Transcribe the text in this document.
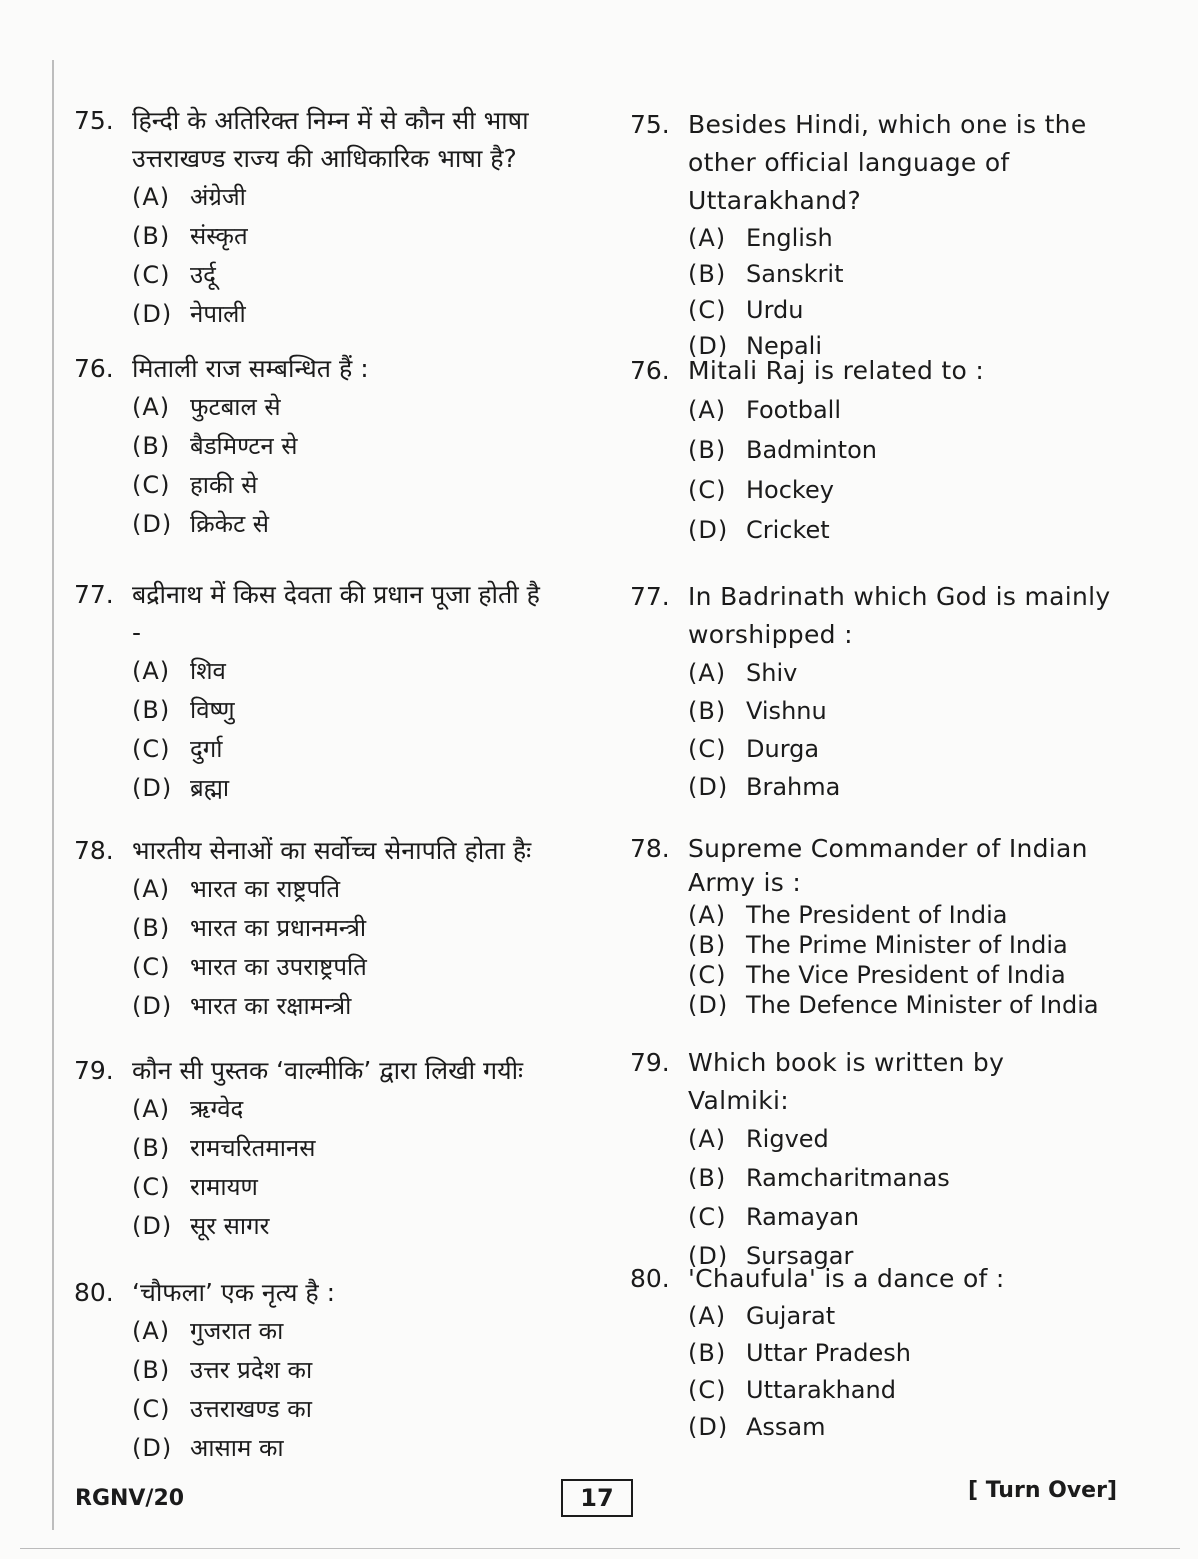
75. हिन्दी के अतिरिक्त निम्न में से कौन सी भाषा उत्तराखण्ड राज्य की आधिकारिक भाषा है?
(A) अंग्रेजी
(B) संस्कृत
(C) उर्दू
(D) नेपाली
76. मिताली राज सम्बन्धित हैं :
(A) फुटबाल से
(B) बैडमिण्टन से
(C) हाकी से
(D) क्रिकेट से
77. बद्रीनाथ में किस देवता की प्रधान पूजा होती है -
(A) शिव
(B) विष्णु
(C) दुर्गा
(D) ब्रह्मा
78. भारतीय सेनाओं का सर्वोच्च सेनापति होता हैः
(A) भारत का राष्ट्रपति
(B) भारत का प्रधानमन्त्री
(C) भारत का उपराष्ट्रपति
(D) भारत का रक्षामन्त्री
79. कौन सी पुस्तक ‘वाल्मीकि’ द्वारा लिखी गयीः
(A) ऋग्वेद
(B) रामचरितमानस
(C) रामायण
(D) सूर सागर
80. ‘चौफला’ एक नृत्य है :
(A) गुजरात का
(B) उत्तर प्रदेश का
(C) उत्तराखण्ड का
(D) आसाम का
75. Besides Hindi, which one is the other official language of Uttarakhand?
(A) English
(B) Sanskrit
(C) Urdu
(D) Nepali
76. Mitali Raj is related to :
(A) Football
(B) Badminton
(C) Hockey
(D) Cricket
77. In Badrinath which God is mainly worshipped :
(A) Shiv
(B) Vishnu
(C) Durga
(D) Brahma
78. Supreme Commander of Indian Army is :
(A) The President of India
(B) The Prime Minister of India
(C) The Vice President of India
(D) The Defence Minister of India
79. Which book is written by Valmiki:
(A) Rigved
(B) Ramcharitmanas
(C) Ramayan
(D) Sursagar
80. 'Chaufula' is a dance of :
(A) Gujarat
(B) Uttar Pradesh
(C) Uttarakhand
(D) Assam
RGNV/20	17	[ Turn Over]
